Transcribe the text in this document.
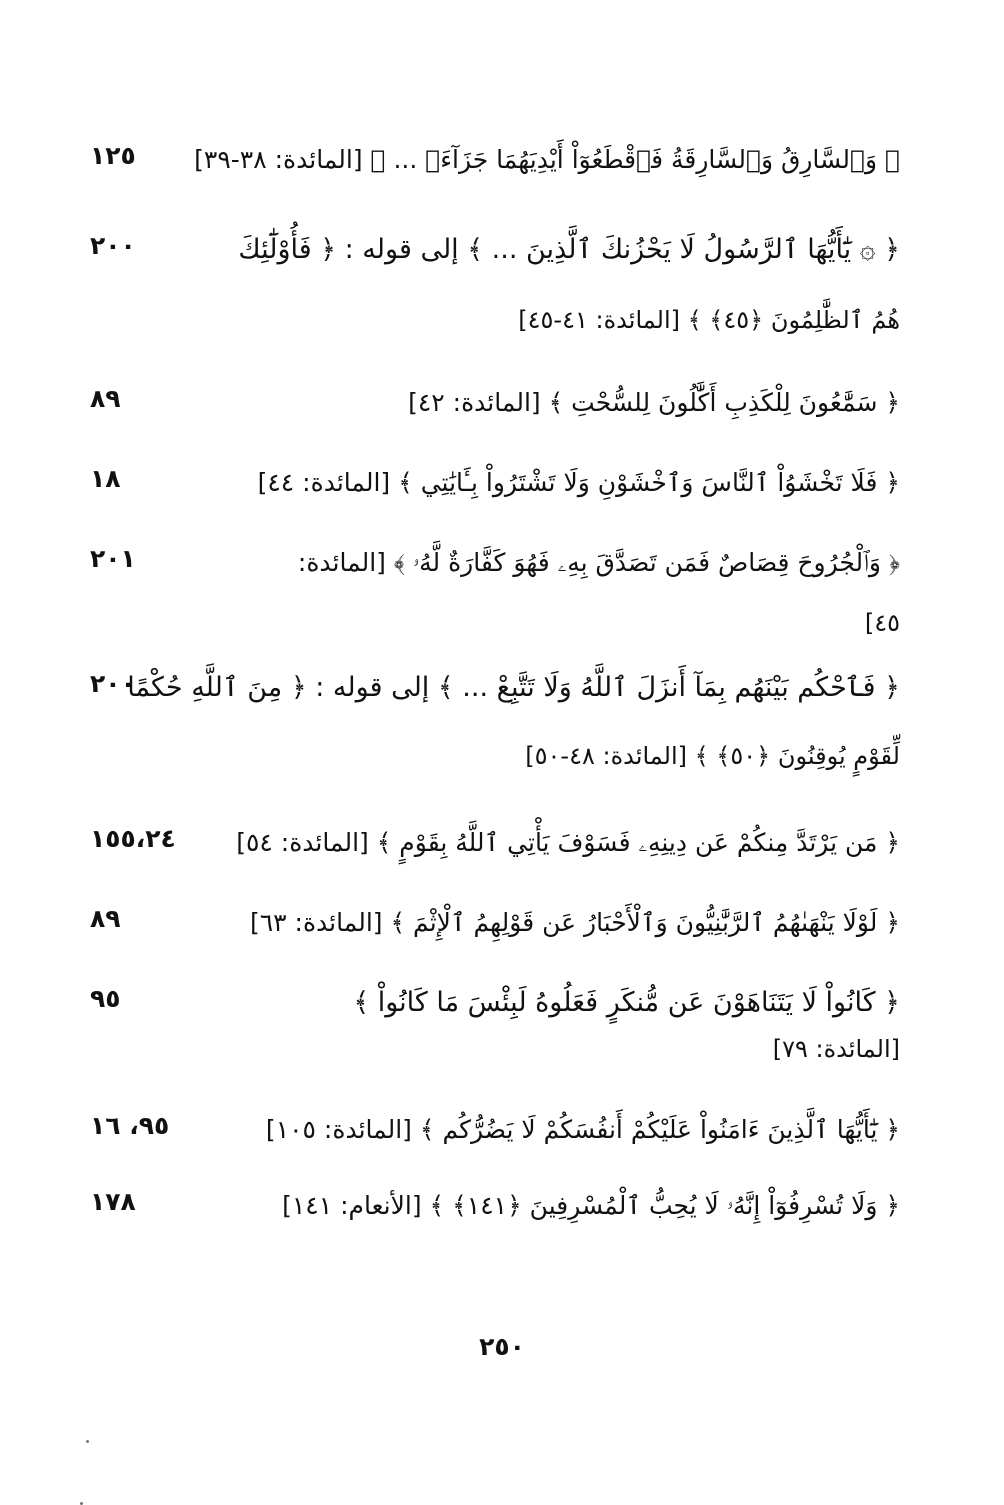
﴿ وَٱلسَّارِقُ وَٱلسَّارِقَةُ فَٱقْطَعُوٓاْ أَيْدِيَهُمَا جَزَآءَۢ ... ﴾ [المائدة: ٣٨-٣٩]
١٢٥
﴿ ۞ يَٰٓأَيُّهَا ٱلرَّسُولُ لَا يَحْزُنكَ ٱلَّذِينَ ... ﴾ إلى قوله : ﴿ فَأُوْلَٰٓئِكَ
٢٠٠
هُمُ ٱلظَّٰلِمُونَ ﴿٤٥﴾ ﴾ [المائدة: ٤١-٤٥]
﴿ سَمَّٰعُونَ لِلْكَذِبِ أَكَّٰلُونَ لِلسُّحْتِ ﴾ [المائدة: ٤٢]
٨٩
﴿ فَلَا تَخْشَوُاْ ٱلنَّاسَ وَٱخْشَوْنِ وَلَا تَشْتَرُواْ بِـَٔايَٰتِي ﴾ [المائدة: ٤٤]
١٨
﴿ وَٱلْجُرُوحَ قِصَاصٌ فَمَن تَصَدَّقَ بِهِۦ فَهُوَ كَفَّارَةٌ لَّهُۥ ﴾ [المائدة:
٢٠١
٤٥]
﴿ فَٱحْكُم بَيْنَهُم بِمَآ أَنزَلَ ٱللَّهُ وَلَا تَتَّبِعْ ... ﴾ إلى قوله : ﴿ مِنَ ٱللَّهِ حُكْمًا
٢٠٠
لِّقَوْمٍ يُوقِنُونَ ﴿٥٠﴾ ﴾ [المائدة: ٤٨-٥٠]
﴿ مَن يَرْتَدَّ مِنكُمْ عَن دِينِهِۦ فَسَوْفَ يَأْتِي ٱللَّهُ بِقَوْمٍ ﴾ [المائدة: ٥٤]
١٥٥،٢٤
﴿ لَوْلَا يَنْهَىٰهُمُ ٱلرَّبَّٰنِيُّونَ وَٱلْأَحْبَارُ عَن قَوْلِهِمُ ٱلْإِثْمَ ﴾ [المائدة: ٦٣]
٨٩
﴿ كَانُواْ لَا يَتَنَاهَوْنَ عَن مُّنكَرٍ فَعَلُوهُ لَبِئْسَ مَا كَانُواْ ﴾
٩٥
[المائدة: ٧٩]
﴿ يَٰٓأَيُّهَا ٱلَّذِينَ ءَامَنُواْ عَلَيْكُمْ أَنفُسَكُمْ لَا يَضُرُّكُم ﴾ [المائدة: ١٠٥]
٩٥، ١٦
﴿ وَلَا تُسْرِفُوٓاْ إِنَّهُۥ لَا يُحِبُّ ٱلْمُسْرِفِينَ ﴿١٤١﴾ ﴾ [الأنعام: ١٤١]
١٧٨
٢٥٠
